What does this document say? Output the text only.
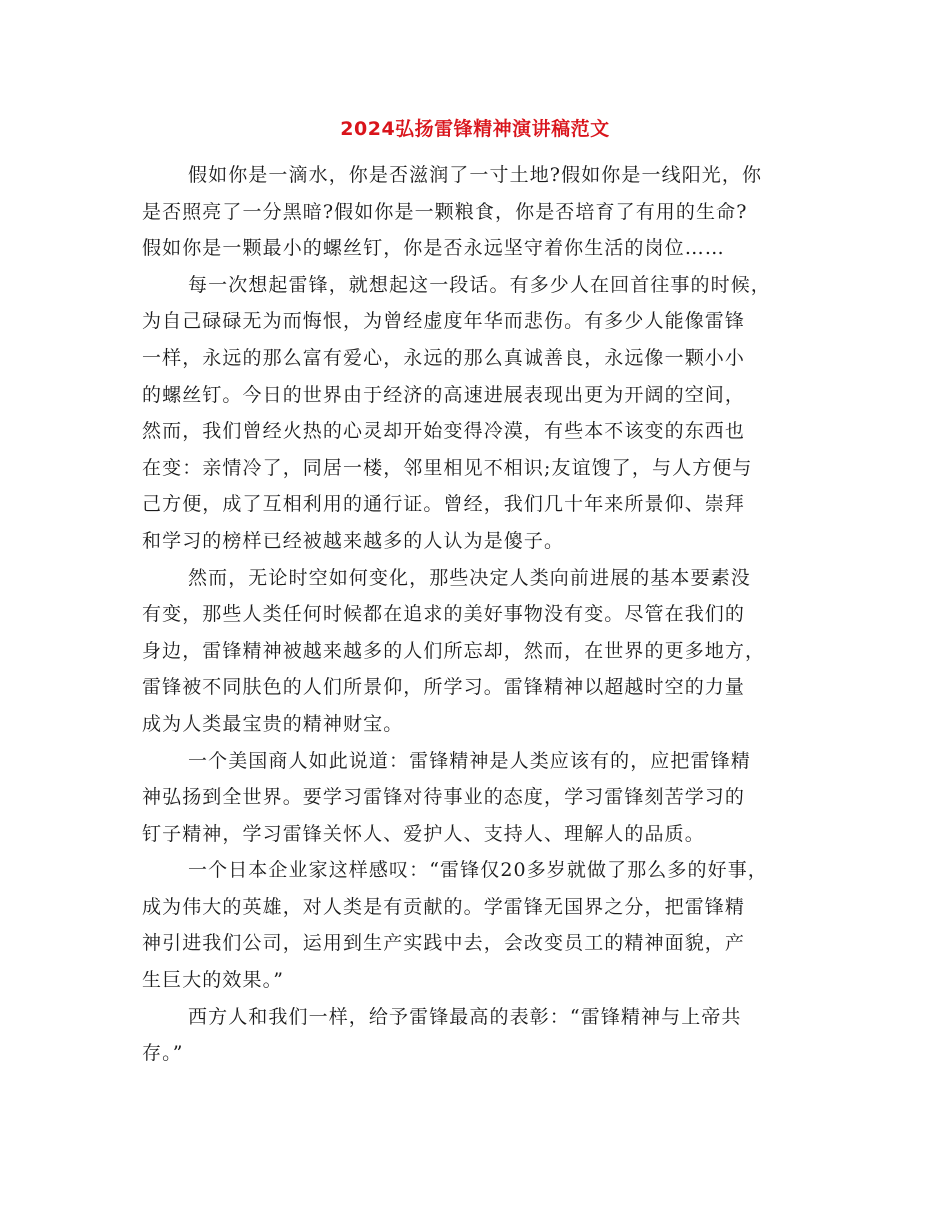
2024弘扬雷锋精神演讲稿范文
假如你是一滴水，你是否滋润了一寸土地?假如你是一线阳光，你
是否照亮了一分黑暗?假如你是一颗粮食，你是否培育了有用的生命?
假如你是一颗最小的螺丝钉，你是否永远坚守着你生活的岗位……
每一次想起雷锋，就想起这一段话。有多少人在回首往事的时候，
为自己碌碌无为而悔恨，为曾经虚度年华而悲伤。有多少人能像雷锋
一样，永远的那么富有爱心，永远的那么真诚善良，永远像一颗小小
的螺丝钉。今日的世界由于经济的高速进展表现出更为开阔的空间，
然而，我们曾经火热的心灵却开始变得冷漠，有些本不该变的东西也
在变：亲情冷了，同居一楼，邻里相见不相识;友谊馊了，与人方便与
己方便，成了互相利用的通行证。曾经，我们几十年来所景仰、崇拜
和学习的榜样已经被越来越多的人认为是傻子。
然而，无论时空如何变化，那些决定人类向前进展的基本要素没
有变，那些人类任何时候都在追求的美好事物没有变。尽管在我们的
身边，雷锋精神被越来越多的人们所忘却，然而，在世界的更多地方，
雷锋被不同肤色的人们所景仰，所学习。雷锋精神以超越时空的力量
成为人类最宝贵的精神财宝。
一个美国商人如此说道：雷锋精神是人类应该有的，应把雷锋精
神弘扬到全世界。要学习雷锋对待事业的态度，学习雷锋刻苦学习的
钉子精神，学习雷锋关怀人、爱护人、支持人、理解人的品质。
一个日本企业家这样感叹：“雷锋仅20多岁就做了那么多的好事，
成为伟大的英雄，对人类是有贡献的。学雷锋无国界之分，把雷锋精
神引进我们公司，运用到生产实践中去，会改变员工的精神面貌，产
生巨大的效果。”
西方人和我们一样，给予雷锋最高的表彰：“雷锋精神与上帝共
存。”
